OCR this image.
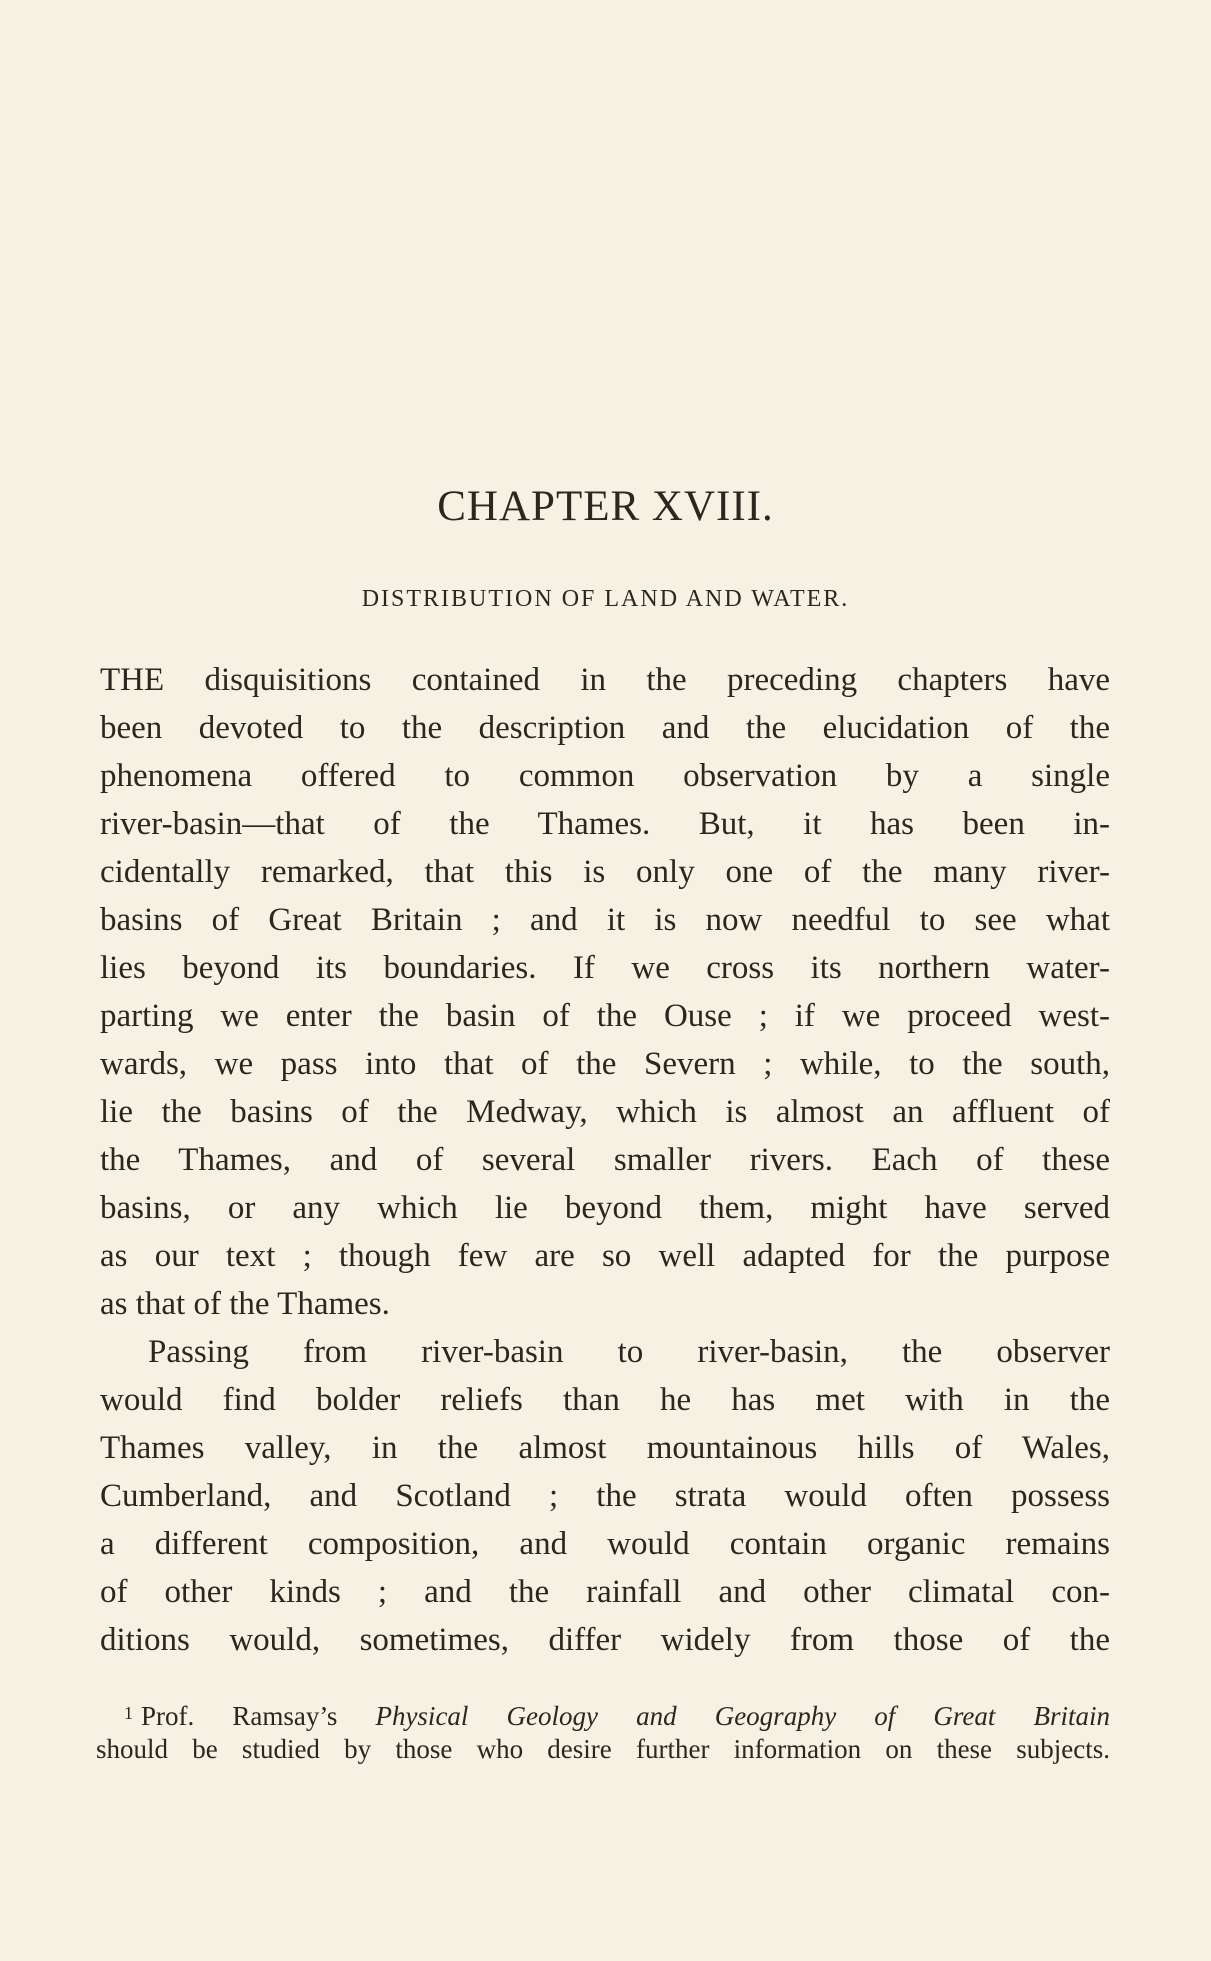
CHAPTER XVIII.
DISTRIBUTION OF LAND AND WATER.
THE disquisitions contained in the preceding chapters have
been devoted to the description and the elucidation of the
phenomena offered to common observation by a single
river-basin—that of the Thames. But, it has been in-
cidentally remarked, that this is only one of the many river-
basins of Great Britain ; and it is now needful to see what
lies beyond its boundaries. If we cross its northern water-
parting we enter the basin of the Ouse ; if we proceed west-
wards, we pass into that of the Severn ; while, to the south,
lie the basins of the Medway, which is almost an affluent of
the Thames, and of several smaller rivers. Each of these
basins, or any which lie beyond them, might have served
as our text ; though few are so well adapted for the purpose
as that of the Thames.
Passing from river-basin to river-basin, the observer
would find bolder reliefs than he has met with in the
Thames valley, in the almost mountainous hills of Wales,
Cumberland, and Scotland ; the strata would often possess
a different composition, and would contain organic remains
of other kinds ; and the rainfall and other climatal con-
ditions would, sometimes, differ widely from those of the
$^1$ Prof. Ramsay’s Physical Geology and Geography of Great Britain
should be studied by those who desire further information on these subjects.
